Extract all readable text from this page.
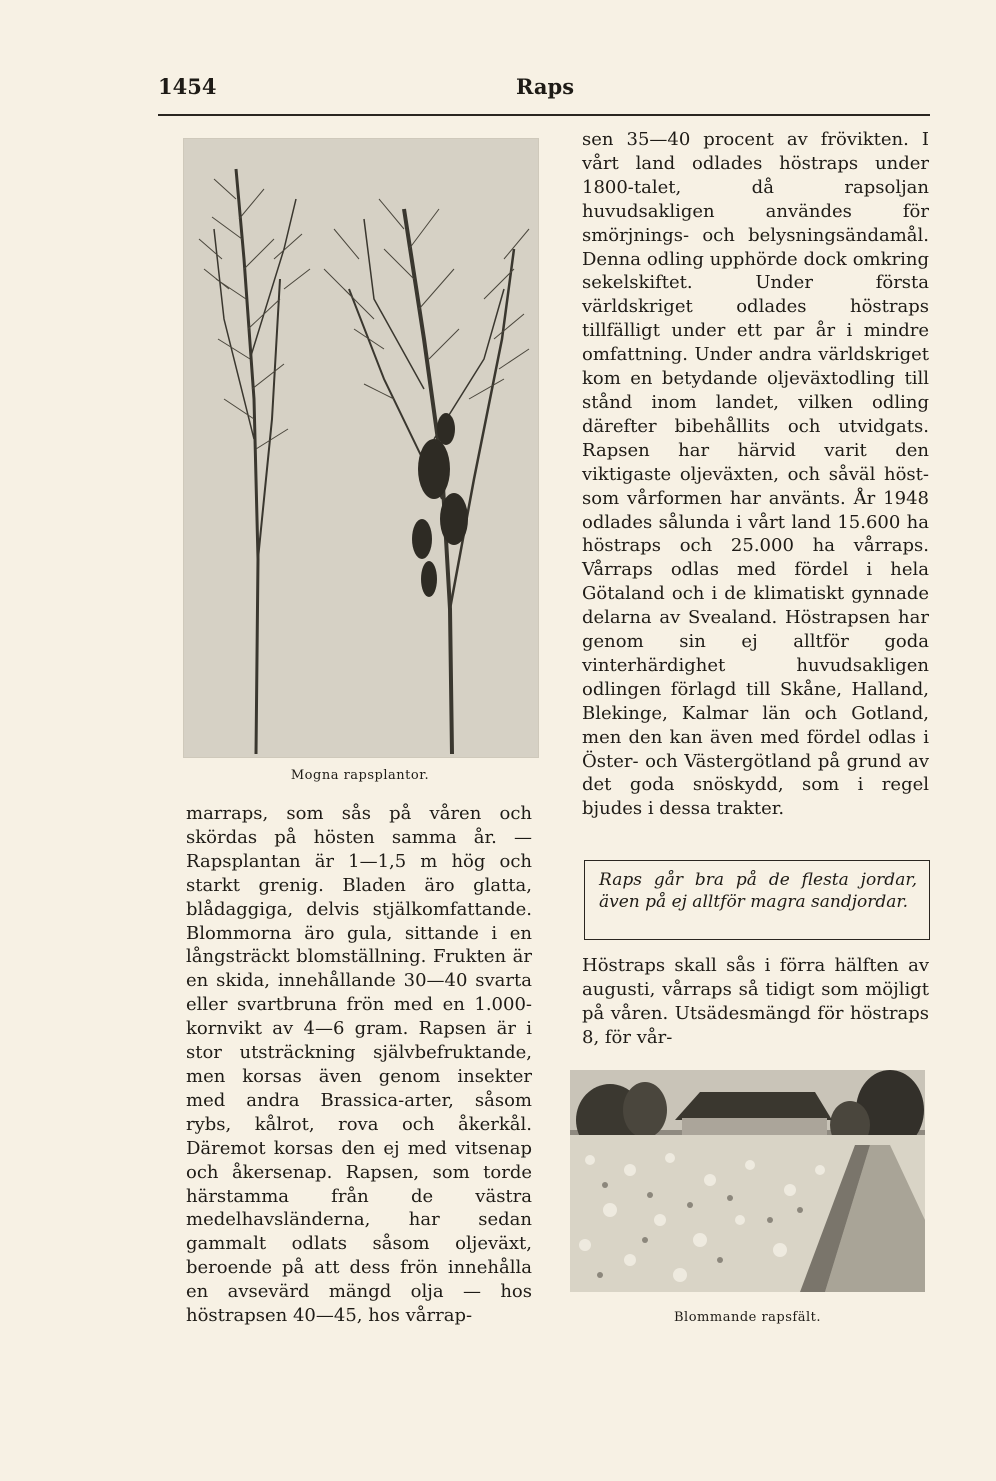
1454	Raps
Mogna rapsplantor.

marraps, som sås på våren och skördas på hösten samma år. — Rapsplantan är 1—1,5 m hög och starkt grenig. Bladen äro glatta, blådaggiga, delvis stjälkomfattande. Blommorna äro gula, sittande i en långsträckt blomställning. Frukten är en skida, innehållande 30—40 svarta eller svartbruna frön med en 1.000-kornvikt av 4—6 gram. Rapsen är i stor utsträckning självbefruktande, men korsas även genom insekter med andra Brassica-arter, såsom rybs, kålrot, rova och åkerkål. Däremot korsas den ej med vitsenap och åkersenap. Rapsen, som torde härstamma från de västra medelhavsländerna, har sedan gammalt odlats såsom oljeväxt, beroende på att dess frön innehålla en avsevärd mängd olja — hos höstrapsen 40—45, hos vårrap-

sen 35—40 procent av frövikten. I vårt land odlades höstraps under 1800-talet, då rapsoljan huvudsakligen användes för smörjnings- och belysningsändamål. Denna odling upphörde dock omkring sekelskiftet. Under första världskriget odlades höstraps tillfälligt under ett par år i mindre omfattning. Under andra världskriget kom en betydande oljeväxtodling till stånd inom landet, vilken odling därefter bibehållits och utvidgats. Rapsen har härvid varit den viktigaste oljeväxten, och såväl höst- som vårformen har använts. År 1948 odlades sålunda i vårt land 15.600 ha höstraps och 25.000 ha vårraps. Vårraps odlas med fördel i hela Götaland och i de klimatiskt gynnade delarna av Svealand. Höstrapsen har genom sin ej alltför goda vinterhärdighet huvudsakligen odlingen förlagd till Skåne, Halland, Blekinge, Kalmar län och Gotland, men den kan även med fördel odlas i Öster- och Västergötland på grund av det goda snöskydd, som i regel bjudes i dessa trakter.

Raps går bra på de flesta jordar, även på ej alltför magra sandjordar.

Höstraps skall sås i förra hälften av augusti, vårraps så tidigt som möjligt på våren. Utsädesmängd för höstraps 8, för vår-

Blommande rapsfält.
